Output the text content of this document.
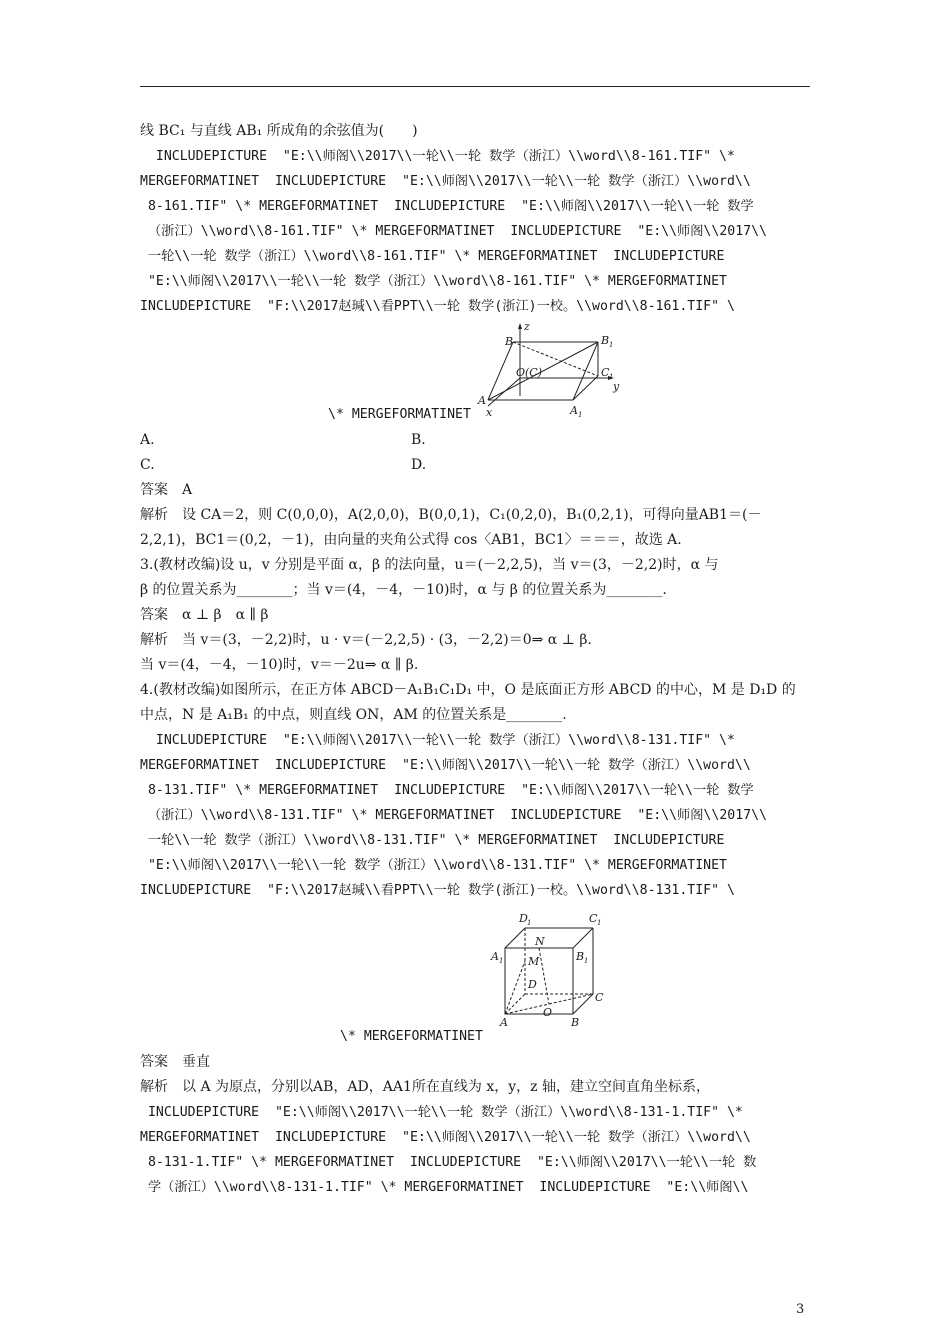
线 BC₁ 与直线 AB₁ 所成角的余弦值为(　　)
INCLUDEPICTURE  "E:\\师阁\\2017\\一轮\\一轮 数学（浙江）\\word\\8-161.TIF" \*
MERGEFORMATINET  INCLUDEPICTURE  "E:\\师阁\\2017\\一轮\\一轮 数学（浙江）\\word\\
8-161.TIF" \* MERGEFORMATINET  INCLUDEPICTURE  "E:\\师阁\\2017\\一轮\\一轮 数学
（浙江）\\word\\8-161.TIF" \* MERGEFORMATINET  INCLUDEPICTURE  "E:\\师阁\\2017\\
一轮\\一轮 数学（浙江）\\word\\8-161.TIF" \* MERGEFORMATINET  INCLUDEPICTURE
"E:\\师阁\\2017\\一轮\\一轮 数学（浙江）\\word\\8-161.TIF" \* MERGEFORMATINET
INCLUDEPICTURE  "F:\\2017赵瑊\\看PPT\\一轮 数学(浙江)一校。\\word\\8-161.TIF" \
B	B 1
O(C)	C 1
A
A 1
x
y
z
\* MERGEFORMATINET
A.	B.
C.	D.
答案　A
解析　设 CA＝2，则 C(0,0,0)，A(2,0,0)，B(0,0,1)，C₁(0,2,0)，B₁(0,2,1)，可得向量AB1＝(－
2,2,1)，BC1＝(0,2，－1)，由向量的夹角公式得 cos〈AB1，BC1〉＝＝＝，故选 A.
3.(教材改编)设 u，v 分别是平面 α，β 的法向量，u＝(－2,2,5)，当 v＝(3，－2,2)时，α 与
β 的位置关系为________；当 v＝(4，－4，－10)时，α 与 β 的位置关系为________.
答案　α ⊥ β　α ∥ β
解析　当 v＝(3，－2,2)时，u · v＝(－2,2,5) · (3，－2,2)＝0⇒ α ⊥ β.
当 v＝(4，－4，－10)时，v＝－2u⇒ α ∥ β.
4.(教材改编)如图所示，在正方体 ABCD－A₁B₁C₁D₁ 中，O 是底面正方形 ABCD 的中心，M 是 D₁D 的
中点，N 是 A₁B₁ 的中点，则直线 ON，AM 的位置关系是________.
INCLUDEPICTURE  "E:\\师阁\\2017\\一轮\\一轮 数学（浙江）\\word\\8-131.TIF" \*
MERGEFORMATINET  INCLUDEPICTURE  "E:\\师阁\\2017\\一轮\\一轮 数学（浙江）\\word\\
8-131.TIF" \* MERGEFORMATINET  INCLUDEPICTURE  "E:\\师阁\\2017\\一轮\\一轮 数学
（浙江）\\word\\8-131.TIF" \* MERGEFORMATINET  INCLUDEPICTURE  "E:\\师阁\\2017\\
一轮\\一轮 数学（浙江）\\word\\8-131.TIF" \* MERGEFORMATINET  INCLUDEPICTURE
"E:\\师阁\\2017\\一轮\\一轮 数学（浙江）\\word\\8-131.TIF" \* MERGEFORMATINET
INCLUDEPICTURE  "F:\\2017赵瑊\\看PPT\\一轮 数学(浙江)一校。\\word\\8-131.TIF" \
D 1	C 1
A 1	B 1
N
M
D
C
O
A	B
\* MERGEFORMATINET
答案　垂直
解析　以 A 为原点，分别以AB，AD，AA1所在直线为 x，y，z 轴，建立空间直角坐标系，
INCLUDEPICTURE  "E:\\师阁\\2017\\一轮\\一轮 数学（浙江）\\word\\8-131-1.TIF" \*
MERGEFORMATINET  INCLUDEPICTURE  "E:\\师阁\\2017\\一轮\\一轮 数学（浙江）\\word\\
8-131-1.TIF" \* MERGEFORMATINET  INCLUDEPICTURE  "E:\\师阁\\2017\\一轮\\一轮 数
学（浙江）\\word\\8-131-1.TIF" \* MERGEFORMATINET  INCLUDEPICTURE  "E:\\师阁\\
3
